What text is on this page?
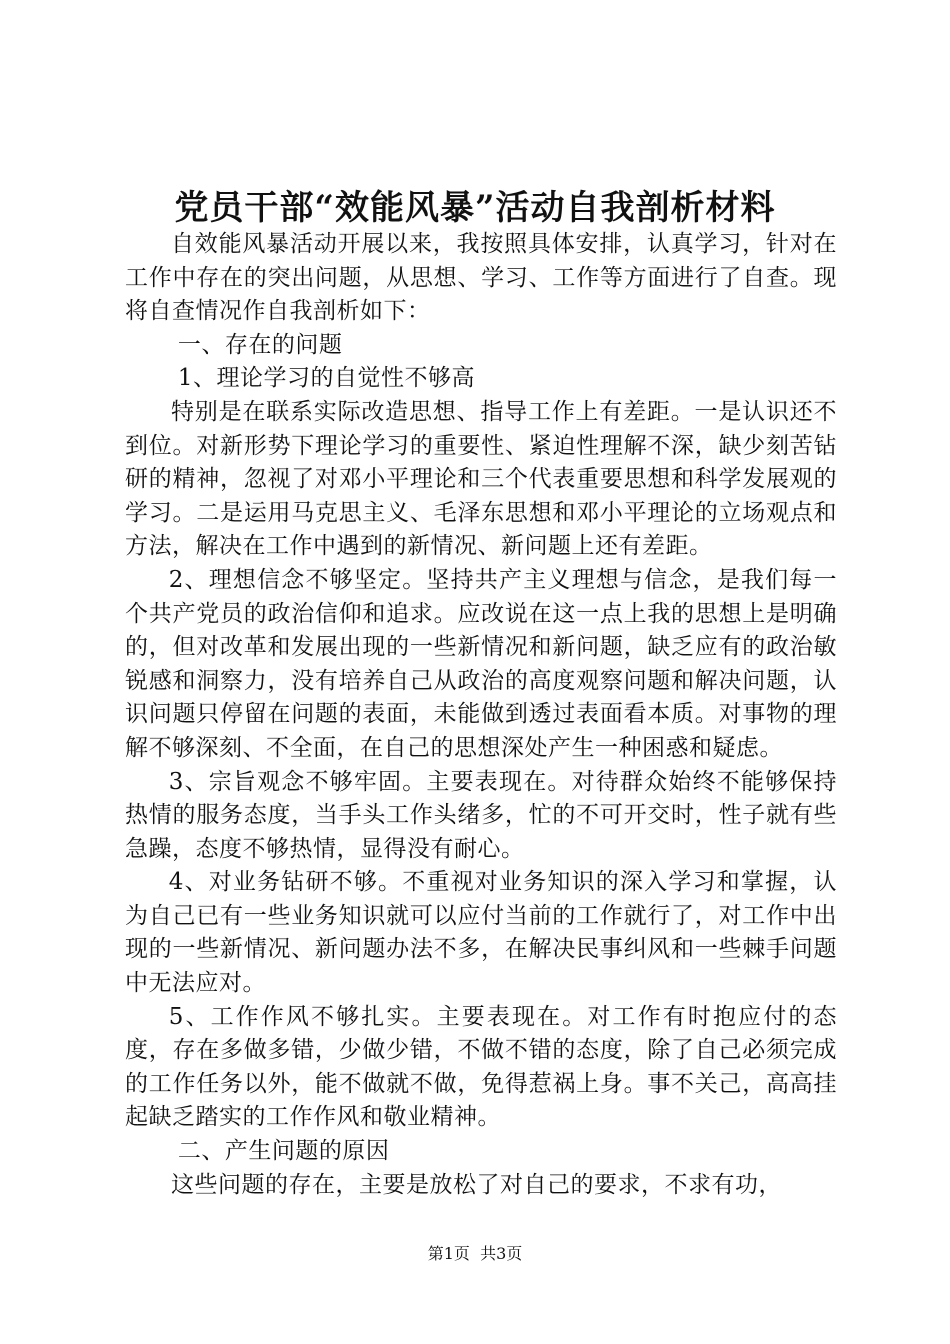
党员干部“效能风暴”活动自我剖析材料

自效能风暴活动开展以来，我按照具体安排，认真学习，针对在工作中存在的突出问题，从思想、学习、工作等方面进行了自查。现将自查情况作自我剖析如下：

一、存在的问题

1、理论学习的自觉性不够高

特别是在联系实际改造思想、指导工作上有差距。一是认识还不到位。对新形势下理论学习的重要性、紧迫性理解不深，缺少刻苦钻研的精神，忽视了对邓小平理论和三个代表重要思想和科学发展观的学习。二是运用马克思主义、毛泽东思想和邓小平理论的立场观点和方法，解决在工作中遇到的新情况、新问题上还有差距。

2、理想信念不够坚定。坚持共产主义理想与信念，是我们每一个共产党员的政治信仰和追求。应改说在这一点上我的思想上是明确的，但对改革和发展出现的一些新情况和新问题，缺乏应有的政治敏锐感和洞察力，没有培养自己从政治的高度观察问题和解决问题，认识问题只停留在问题的表面，未能做到透过表面看本质。对事物的理解不够深刻、不全面，在自己的思想深处产生一种困惑和疑虑。

3、宗旨观念不够牢固。主要表现在。对待群众始终不能够保持热情的服务态度，当手头工作头绪多，忙的不可开交时，性子就有些急躁，态度不够热情，显得没有耐心。

4、对业务钻研不够。不重视对业务知识的深入学习和掌握，认为自己已有一些业务知识就可以应付当前的工作就行了，对工作中出现的一些新情况、新问题办法不多，在解决民事纠风和一些棘手问题中无法应对。

5、工作作风不够扎实。主要表现在。对工作有时抱应付的态度，存在多做多错，少做少错，不做不错的态度，除了自己必须完成的工作任务以外，能不做就不做，免得惹祸上身。事不关己，高高挂起缺乏踏实的工作作风和敬业精神。

二、产生问题的原因

这些问题的存在，主要是放松了对自己的要求，不求有功，

第1页  共3页
